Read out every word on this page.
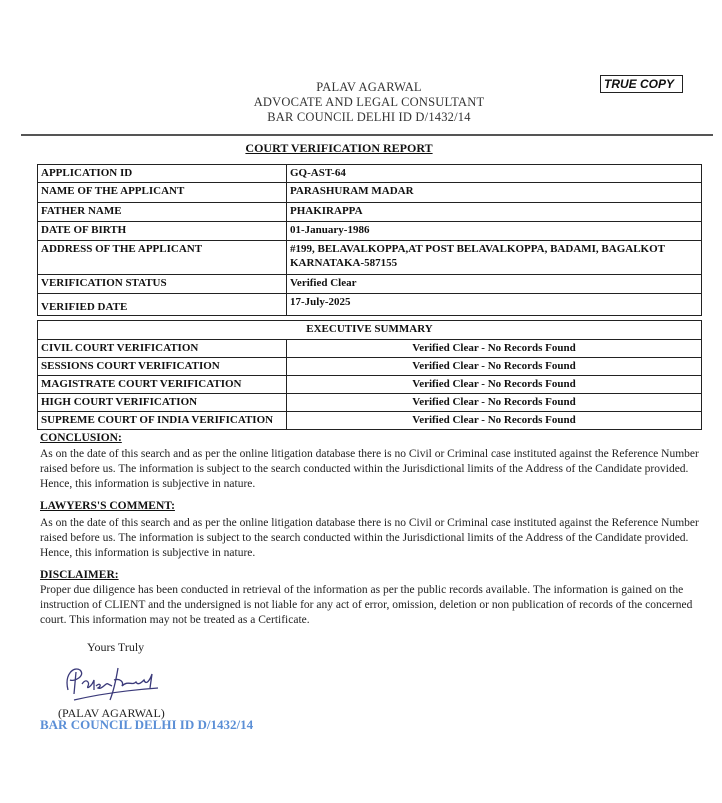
PALAV AGARWAL
ADVOCATE AND LEGAL CONSULTANT
BAR COUNCIL DELHI ID D/1432/14
TRUE COPY
COURT VERIFICATION REPORT
APPLICATION ID	GQ-AST-64
NAME OF THE APPLICANT	PARASHURAM MADAR
FATHER NAME	PHAKIRAPPA
DATE OF BIRTH	01-January-1986
ADDRESS OF THE APPLICANT	#199, BELAVALKOPPA,AT POST BELAVALKOPPA, BADAMI, BAGALKOT KARNATAKA-587155
VERIFICATION STATUS	Verified Clear
VERIFIED DATE	17-July-2025
EXECUTIVE SUMMARY	
CIVIL COURT VERIFICATION	Verified Clear - No Records Found
SESSIONS COURT VERIFICATION	Verified Clear - No Records Found
MAGISTRATE COURT VERIFICATION	Verified Clear - No Records Found
HIGH COURT VERIFICATION	Verified Clear - No Records Found
SUPREME COURT OF INDIA VERIFICATION	Verified Clear - No Records Found
CONCLUSION:
As on the date of this search and as per the online litigation database there is no Civil or Criminal case instituted against the Reference Number raised before us. The information is subject to the search conducted within the Jurisdictional limits of the Address of the Candidate provided. Hence, this information is subjective in nature.
LAWYERS'S COMMENT:
As on the date of this search and as per the online litigation database there is no Civil or Criminal case instituted against the Reference Number raised before us. The information is subject to the search conducted within the Jurisdictional limits of the Address of the Candidate provided. Hence, this information is subjective in nature.
DISCLAIMER:
Proper due diligence has been conducted in retrieval of the information as per the public records available. The information is gained on the instruction of CLIENT and the undersigned is not liable for any act of error, omission, deletion or non publication of records of the concerned court. This information may not be treated as a Certificate.
Yours Truly
(PALAV AGARWAL)
BAR COUNCIL DELHI ID D/1432/14
